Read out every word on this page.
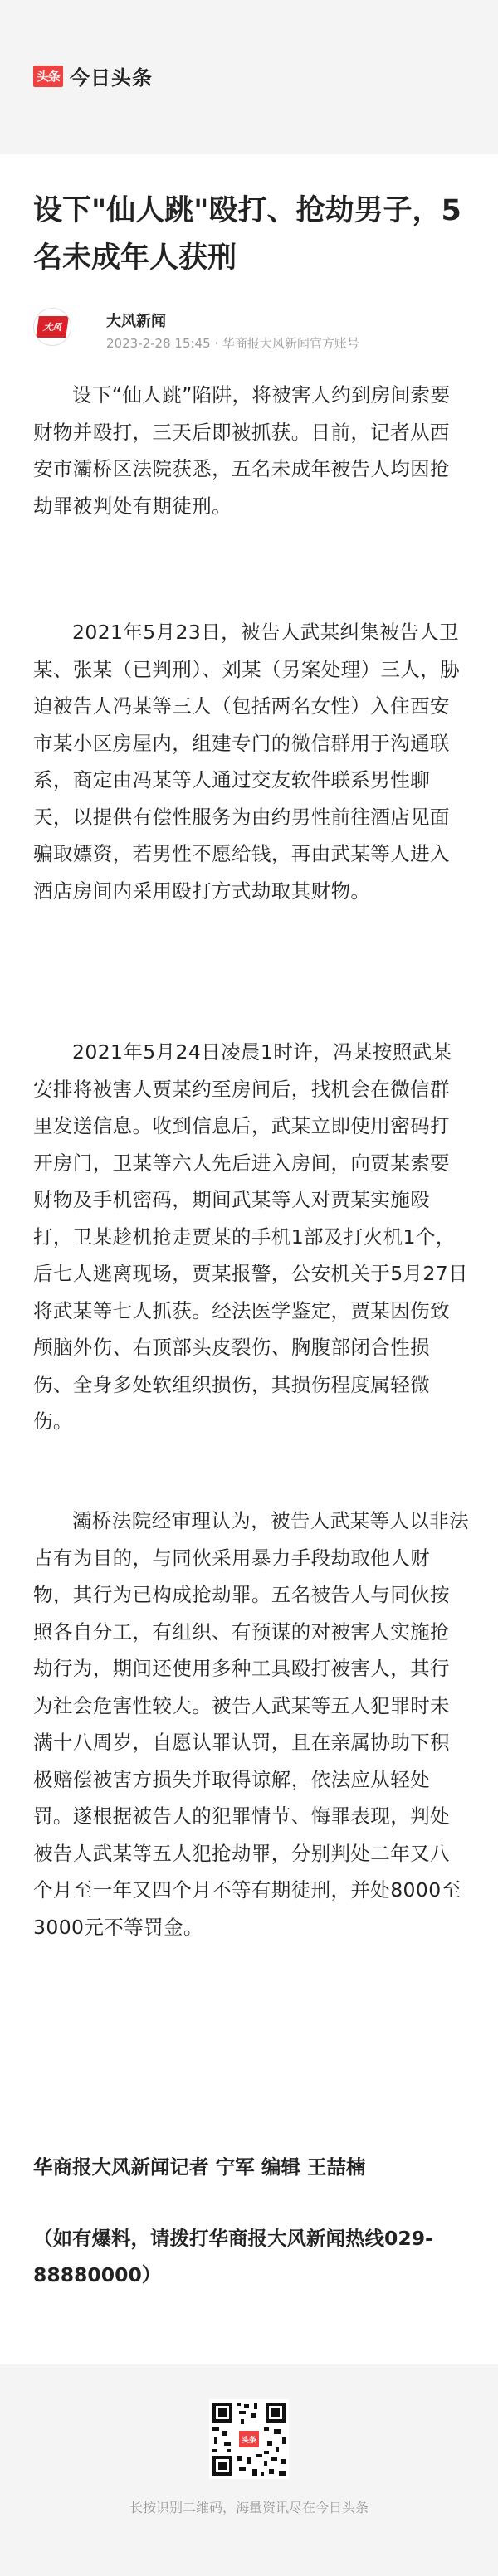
头条 今日头条
设下"仙人跳"殴打、抢劫男子，5名未成年人获刑
大风	大风新闻
2023-2-28 15:45 · 华商报大风新闻官方账号

设下“仙人跳”陷阱，将被害人约到房间索要财物并殴打，三天后即被抓获。日前，记者从西安市灞桥区法院获悉，五名未成年被告人均因抢劫罪被判处有期徒刑。

2021年5月23日，被告人武某纠集被告人卫某、张某（已判刑）、刘某（另案处理）三人，胁迫被告人冯某等三人（包括两名女性）入住西安市某小区房屋内，组建专门的微信群用于沟通联系，商定由冯某等人通过交友软件联系男性聊天，以提供有偿性服务为由约男性前往酒店见面骗取嫖资，若男性不愿给钱，再由武某等人进入酒店房间内采用殴打方式劫取其财物。

2021年5月24日凌晨1时许，冯某按照武某安排将被害人贾某约至房间后，找机会在微信群里发送信息。收到信息后，武某立即使用密码打开房门，卫某等六人先后进入房间，向贾某索要财物及手机密码，期间武某等人对贾某实施殴打，卫某趁机抢走贾某的手机1部及打火机1个，后七人逃离现场，贾某报警，公安机关于5月27日将武某等七人抓获。经法医学鉴定，贾某因伤致颅脑外伤、右顶部头皮裂伤、胸腹部闭合性损伤、全身多处软组织损伤，其损伤程度属轻微伤。

灞桥法院经审理认为，被告人武某等人以非法占有为目的，与同伙采用暴力手段劫取他人财物，其行为已构成抢劫罪。五名被告人与同伙按照各自分工，有组织、有预谋的对被害人实施抢劫行为，期间还使用多种工具殴打被害人，其行为社会危害性较大。被告人武某等五人犯罪时未满十八周岁，自愿认罪认罚，且在亲属协助下积极赔偿被害方损失并取得谅解，依法应从轻处罚。遂根据被告人的犯罪情节、悔罪表现，判处被告人武某等五人犯抢劫罪，分别判处二年又八个月至一年又四个月不等有期徒刑，并处8000至3000元不等罚金。

华商报大风新闻记者 宁军 编辑 王喆楠
（如有爆料，请拨打华商报大风新闻热线029-88880000）
头条
长按识别二维码，海量资讯尽在今日头条
